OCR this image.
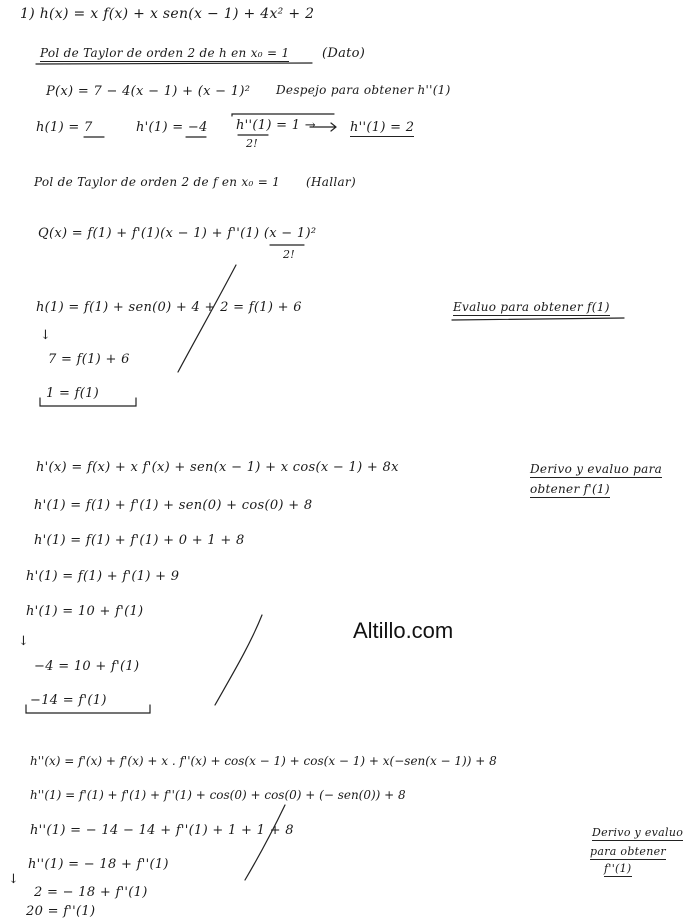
1) h(x) = x f(x) + x sen(x − 1) + 4x² + 2
Pol de Taylor de orden 2 de h en x₀ = 1	(Dato)
P(x) = 7 − 4(x − 1) + (x − 1)² Despejo para obtener h''(1)
h(1) = 7	h'(1) = −4 h''(1) = 1 →
2!
h''(1) = 2
Pol de Taylor de orden 2 de f en x₀ = 1 (Hallar)
Q(x) = f(1) + f'(1)(x − 1) + f''(1) (x − 1)²
2!
h(1) = f(1) + sen(0) + 4 + 2 = f(1) + 6	Evaluo para obtener f(1)
↓
7 = f(1) + 6
1 = f(1)
h'(x) = f(x) + x f'(x) + sen(x − 1) + x cos(x − 1) + 8x	Derivo y evaluo para
obtener f'(1)
h'(1) = f(1) + f'(1) + sen(0) + cos(0) + 8
h'(1) = f(1) + f'(1) + 0 + 1 + 8
h'(1) = f(1) + f'(1) + 9
h'(1) = 10 + f'(1)
↓
−4 = 10 + f'(1)
−14 = f'(1)
h''(x) = f'(x) + f'(x) + x . f''(x) + cos(x − 1) + cos(x − 1) + x(−sen(x − 1)) + 8
h''(1) = f'(1) + f'(1) + f''(1) + cos(0) + cos(0) + (− sen(0)) + 8
h''(1) = − 14 − 14 + f''(1) + 1 + 1 + 8	Derivo y evaluo
para obtener
f''(1)
h''(1) = − 18 + f''(1)
↓
2 = − 18 + f''(1)
20 = f''(1)
Altillo.com
